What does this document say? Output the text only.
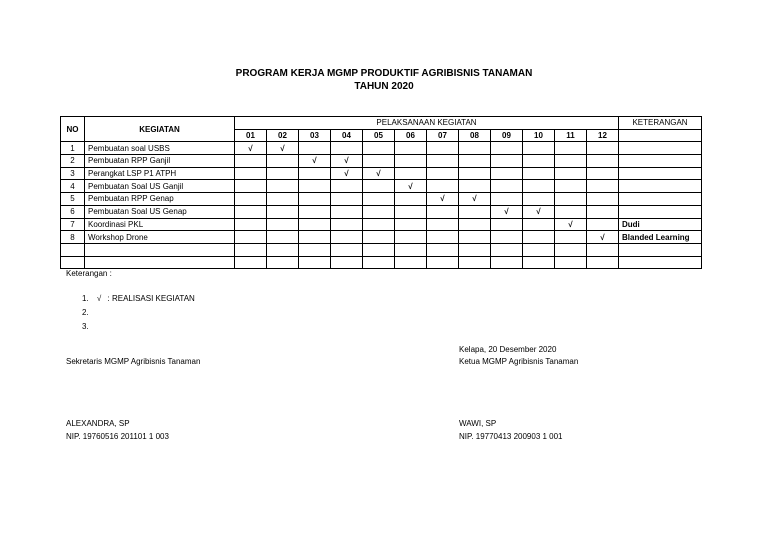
PROGRAM KERJA MGMP PRODUKTIF AGRIBISNIS TANAMAN
TAHUN 2020
NO	KEGIATAN	PELAKSANAAN KEGIATAN												KETERANGAN
		01	02	03	04	05	06	07	08	09	10	11	12	
1	Pembuatan soal USBS	√	√											
2	Pembuatan RPP Ganjil			√	√									
3	Perangkat LSP P1 ATPH				√	√								
4	Pembuatan Soal US Ganjil						√							
5	Pembuatan RPP Genap							√	√					
6	Pembuatan Soal US Genap									√	√			
7	Koordinasi PKL											√		Dudi
8	Workshop Drone												√	Blanded Learning

Keterangan :
1. √ : REALISASI KEGIATAN
2.
3.
Kelapa, 20 Desember 2020
Sekretaris MGMP Agribisnis Tanaman	Ketua MGMP Agribisnis Tanaman
ALEXANDRA, SP
NIP. 19760516 201101 1 003
WAWI, SP
NIP. 19770413 200903 1 001
